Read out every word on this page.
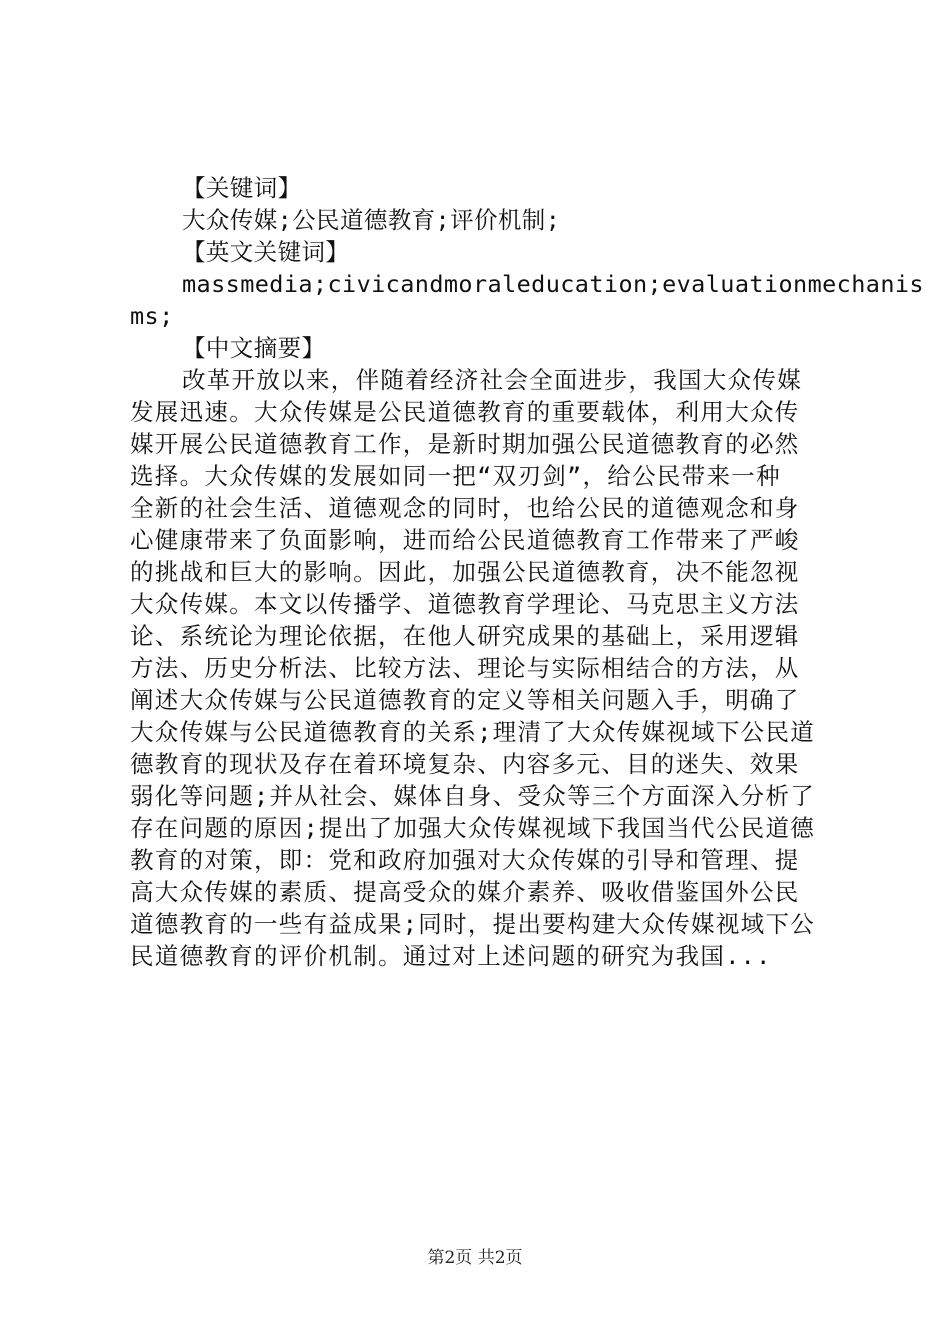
【关键词】
大众传媒;公民道德教育;评价机制;
【英文关键词】
massmedia;civicandmoraleducation;evaluationmechanis
ms;
【中文摘要】
改革开放以来，伴随着经济社会全面进步，我国大众传媒
发展迅速。大众传媒是公民道德教育的重要载体，利用大众传
媒开展公民道德教育工作，是新时期加强公民道德教育的必然
选择。大众传媒的发展如同一把“双刃剑”，给公民带来一种
全新的社会生活、道德观念的同时，也给公民的道德观念和身
心健康带来了负面影响，进而给公民道德教育工作带来了严峻
的挑战和巨大的影响。因此，加强公民道德教育，决不能忽视
大众传媒。本文以传播学、道德教育学理论、马克思主义方法
论、系统论为理论依据，在他人研究成果的基础上，采用逻辑
方法、历史分析法、比较方法、理论与实际相结合的方法，从
阐述大众传媒与公民道德教育的定义等相关问题入手，明确了
大众传媒与公民道德教育的关系;理清了大众传媒视域下公民道
德教育的现状及存在着环境复杂、内容多元、目的迷失、效果
弱化等问题;并从社会、媒体自身、受众等三个方面深入分析了
存在问题的原因;提出了加强大众传媒视域下我国当代公民道德
教育的对策，即：党和政府加强对大众传媒的引导和管理、提
高大众传媒的素质、提高受众的媒介素养、吸收借鉴国外公民
道德教育的一些有益成果;同时，提出要构建大众传媒视域下公
民道德教育的评价机制。通过对上述问题的研究为我国...
第2页 共2页
